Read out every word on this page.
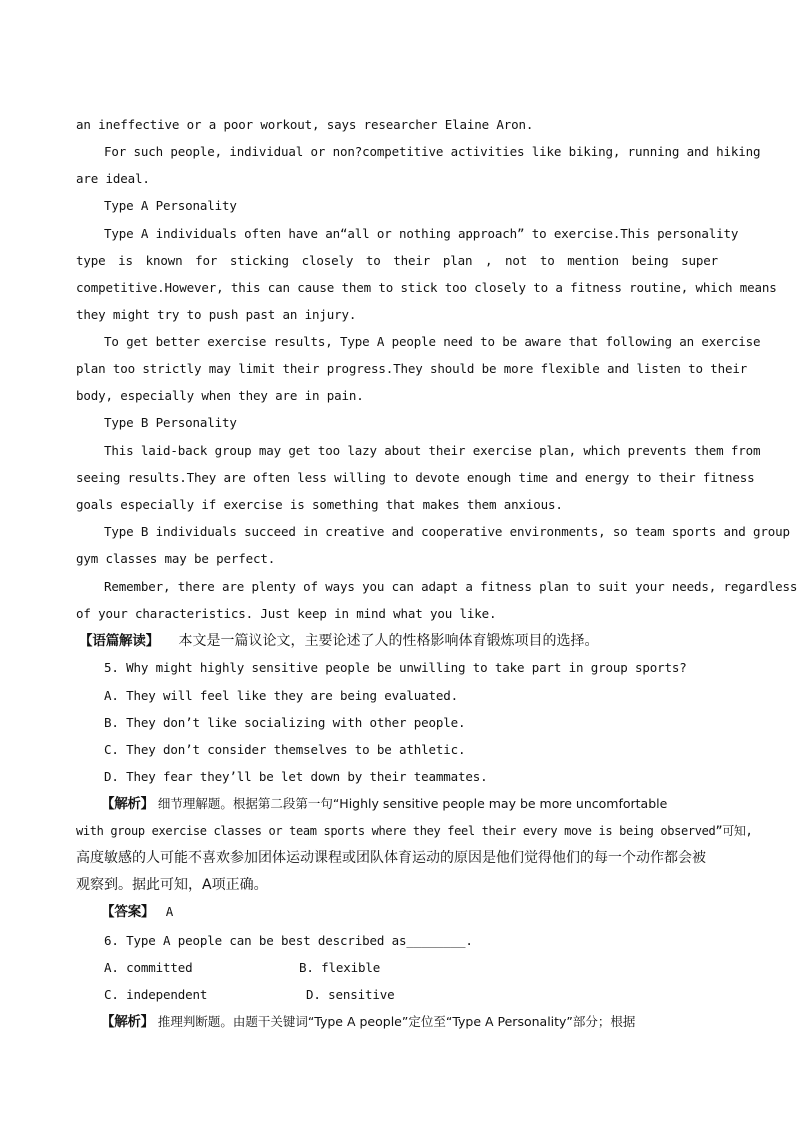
an ineffective or a poor workout, says researcher Elaine Aron.
For such people, individual or non?competitive activities like biking, running and hiking
are ideal.
Type A Personality
Type A individuals often have an“all or nothing approach” to exercise.This personality
type is known for sticking closely to their plan , not to mention being super
competitive.However, this can cause them to stick too closely to a fitness routine, which means
they might try to push past an injury.
To get better exercise results, Type A people need to be aware that following an exercise
plan too strictly may limit their progress.They should be more flexible and listen to their
body, especially when they are in pain.
Type B Personality
This laid-back group may get too lazy about their exercise plan, which prevents them from
seeing results.They are often less willing to devote enough time and energy to their fitness
goals especially if exercise is something that makes them anxious.
Type B individuals succeed in creative and cooperative environments, so team sports and group
gym classes may be perfect.
Remember, there are plenty of ways you can adapt a fitness plan to suit your needs, regardless
of your characteristics. Just keep in mind what you like.
【语篇解读】 本文是一篇议论文，主要论述了人的性格影响体育锻炼项目的选择。
5. Why might highly sensitive people be unwilling to take part in group sports?
A. They will feel like they are being evaluated.
B. They don’t like socializing with other people.
C. They don’t consider themselves to be athletic.
D. They fear they’ll be let down by their teammates.
【解析】 细节理解题。根据第二段第一句“Highly sensitive people may be more uncomfortable
with group exercise classes or team sports where they feel their every move is being observed”可知,
高度敏感的人可能不喜欢参加团体运动课程或团队体育运动的原因是他们觉得他们的每一个动作都会被
观察到。据此可知，A项正确。
【答案】 A
6. Type A people can be best described as________.
A. committed	B. flexible
C. independent	D. sensitive
【解析】 推理判断题。由题干关键词“Type A people”定位至“Type A Personality”部分；根据
